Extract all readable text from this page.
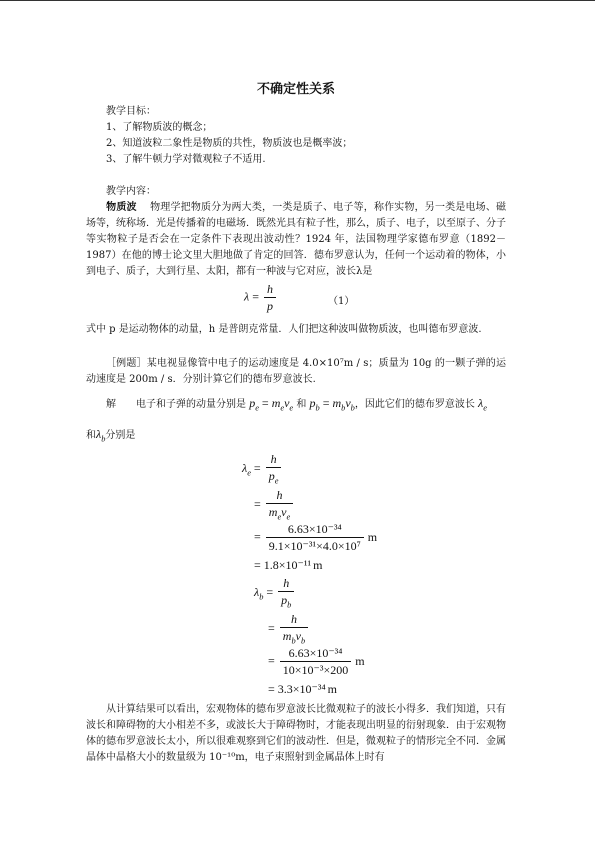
不确定性关系
教学目标：
1、了解物质波的概念；
2、知道波粒二象性是物质的共性，物质波也是概率波；
3、了解牛顿力学对微观粒子不适用.
教学内容：
物质波 物理学把物质分为两大类，一类是质子、电子等，称作实物，另一类是电场、磁场等，统称场．光是传播着的电磁场．既然光具有粒子性，那么，质子、电子，以至原子、分子等实物粒子是否会在一定条件下表现出波动性？1924 年，法国物理学家德布罗意（1892－1987）在他的博士论文里大胆地做了肯定的回答．德布罗意认为，任何一个运动着的物体，小到电子、质子，大到行星、太阳，都有一种波与它对应，波长λ是
$\lambda = \frac{h}{p}$	（1）
式中 p 是运动物体的动量，h 是普朗克常量．人们把这种波叫做物质波，也叫德布罗意波.
［例题］某电视显像管中电子的运动速度是 4.0×10⁷m / s；质量为 10g 的一颗子弹的运动速度是 200m / s．分别计算它们的德布罗意波长.
解　　电子和子弹的动量分别是 $p_e = m_ev_e$ 和 $p_b = m_bv_b$，因此它们的德布罗意波长 $\lambda_e$
和$\lambda_b$分别是
$\lambda_e = \frac{h}{p_e}$
= $\frac{h}{m_ev_e}$
= $\frac{\text{6.63×10⁻³⁴}}{\text{9.1×10⁻³¹×4.0×10⁷}}$ m
= 1.8×10⁻¹¹ m
$\lambda_b = \frac{h}{p_b}$
= $\frac{h}{m_bv_b}$
= $\frac{\text{6.63×10⁻³⁴}}{\text{10×10⁻³×200}}$ m
= 3.3×10⁻³⁴ m
从计算结果可以看出，宏观物体的德布罗意波长比微观粒子的波长小得多．我们知道，只有波长和障碍物的大小相差不多，或波长大于障碍物时，才能表现出明显的衍射现象．由于宏观物体的德布罗意波长太小，所以很难观察到它们的波动性．但是，微观粒子的情形完全不同．金属晶体中晶格大小的数量级为 10⁻¹⁰m，电子束照射到金属晶体上时有
